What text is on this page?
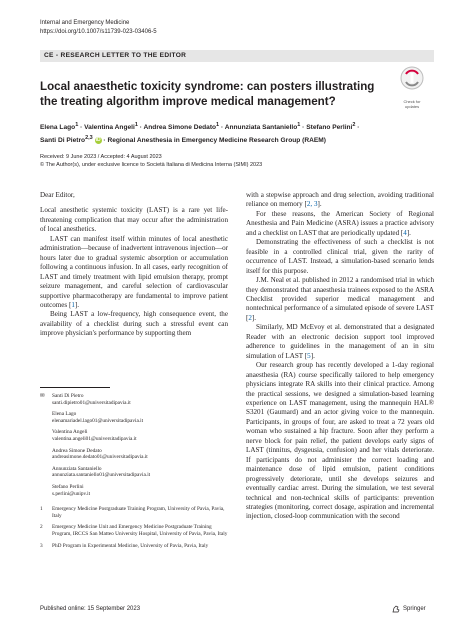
Internal and Emergency Medicine
https://doi.org/10.1007/s11739-023-03406-5
CE - RESEARCH LETTER TO THE EDITOR
Check for
updates
Local anaesthetic toxicity syndrome: can posters illustrating the treating algorithm improve medical management?
Elena Lago$^1$ · Valentina Angeli$^1$ · Andrea Simone Dedato$^1$ · Annunziata Santaniello$^1$ · Stefano Perlini$^2$ ·
Santi Di Pietro$^{2,3}$ iD · Regional Anesthesia in Emergency Medicine Research Group (RAEM)
Received: 9 June 2023 / Accepted: 4 August 2023
© The Author(s), under exclusive licence to Società Italiana di Medicina Interna (SIMI) 2023

Dear Editor,

Local anesthetic systemic toxicity (LAST) is a rare yet life-threatening complication that may occur after the administration of local anesthetics.

LAST can manifest itself within minutes of local anesthetic administration—because of inadvertent intravenous injection—or hours later due to gradual systemic absorption or accumulation following a continuous infusion. In all cases, early recognition of LAST and timely treatment with lipid emulsion therapy, prompt seizure management, and careful selection of cardiovascular supportive pharmacotherapy are fundamental to improve patient outcomes [1].

Being LAST a low-frequency, high consequence event, the availability of a checklist during such a stressful event can improve physician's performance by supporting them

✉ Santi Di Pietro
santi.dipietro01@universitadipavia.it
Elena Lago
elenamariadel.lago01@universitadipavia.it
Valentina Angeli
valentina.angeli01@universitadipavia.it
Andrea Simone Dedato
andreasimone.dedato01@universitadipavia.it
Annunziata Santaniello
annunziata.santaniello01@universitadipavia.it
Stefano Perlini
s.perlini@unipv.it
1 Emergency Medicine Postgraduate Training Program, University of Pavia, Pavia, Italy
2 Emergency Medicine Unit and Emergency Medicine Postgraduate Training Program, IRCCS San Matteo University Hospital, University of Pavia, Pavia, Italy
3 PhD Program in Experimental Medicine, University of Pavia, Pavia, Italy

with a stepwise approach and drug selection, avoiding traditional reliance on memory [2, 3].

For these reasons, the American Society of Regional Anesthesia and Pain Medicine (ASRA) issues a practice advisory and a checklist on LAST that are periodically updated [4].

Demonstrating the effectiveness of such a checklist is not feasible in a controlled clinical trial, given the rarity of occurrence of LAST. Instead, a simulation-based scenario lends itself for this purpose.

J.M. Neal et al. published in 2012 a randomised trial in which they demonstrated that anaesthesia trainees exposed to the ASRA Checklist provided superior medical management and nontechnical performance of a simulated episode of severe LAST [2].

Similarly, MD McEvoy et al. demonstrated that a designated Reader with an electronic decision support tool improved adherence to guidelines in the management of an in situ simulation of LAST [5].

Our research group has recently developed a 1-day regional anaesthesia (RA) course specifically tailored to help emergency physicians integrate RA skills into their clinical practice. Among the practical sessions, we designed a simulation-based learning experience on LAST management, using the mannequin HAL® S3201 (Gaumard) and an actor giving voice to the mannequin. Participants, in groups of four, are asked to treat a 72 years old woman who sustained a hip fracture. Soon after they perform a nerve block for pain relief, the patient develops early signs of LAST (tinnitus, dysgeusia, confusion) and her vitals deteriorate. If participants do not administer the correct loading and maintenance dose of lipid emulsion, patient conditions progressively deteriorate, until she develops seizures and eventually cardiac arrest. During the simulation, we test several technical and non-technical skills of participants: prevention strategies (monitoring, correct dosage, aspiration and incremental injection, closed-loop communication with the second

Published online: 15 September 2023	Springer
